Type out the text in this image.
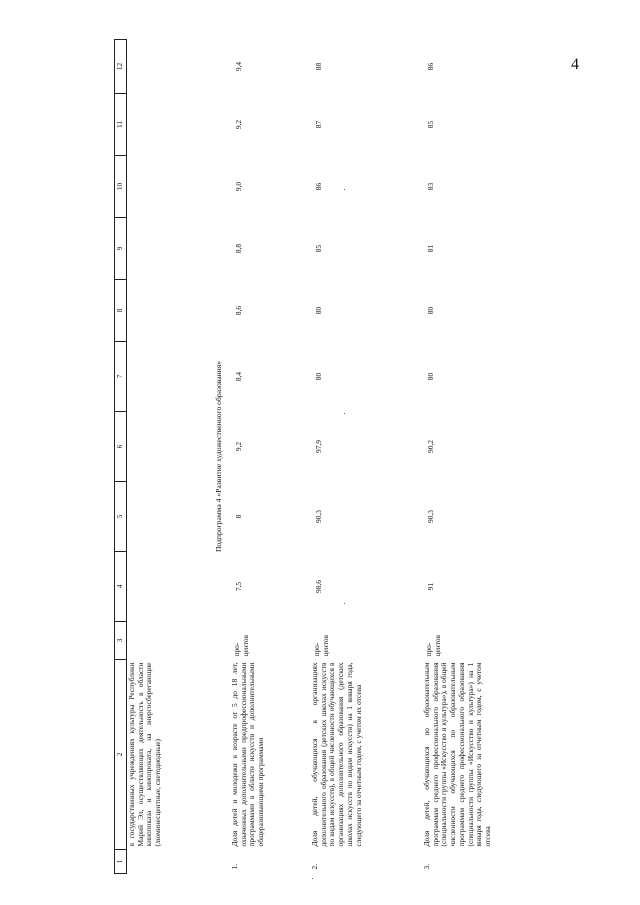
4
1	2	3	4	5	6	7	8	9	10	11	12
	в государственных учреждениях культуры Республики Марий Эл, осуществляющих деятельность в области кинопоказа и кинопроката, на энергосберегающие (люминесцентные, светодиодные)										
Подпрограмма 4 «Развитие художественного образования»											
1.	Доля детей и молодежи в возрасте от 5 до 18 лет, охваченных дополнительными предпрофессиональными программами в области искусств и дополнительными общеразвивающими программами	про-центов	7,5	8	9,2	8,4	8,6	8,8	9,0	9,2	9,4
2.	Доля детей, обучающихся в организациях дополнительного образования (детских школах искусств по видам искусств), в общей численности обучающихся в организациях дополнительного образования (детских школах искусств по видам искусств) на 1 января года, следующего за отчетным годом, с учетом их отсева	про-центов	98,6	90,3	97,9	80	80	85	86	87	88
3.	Доля детей, обучающихся по образовательным программам среднего профессионального образования (специальности группы «Искусство и культура»), в общей численности обучающихся по образовательным программам среднего профессионального образования (специальности группы «Искусство и культура») на 1 января года, следующего за отчетным годом, с учетом отсева	про-центов	91	90,3	90,2	80	80	81	83	85	86
